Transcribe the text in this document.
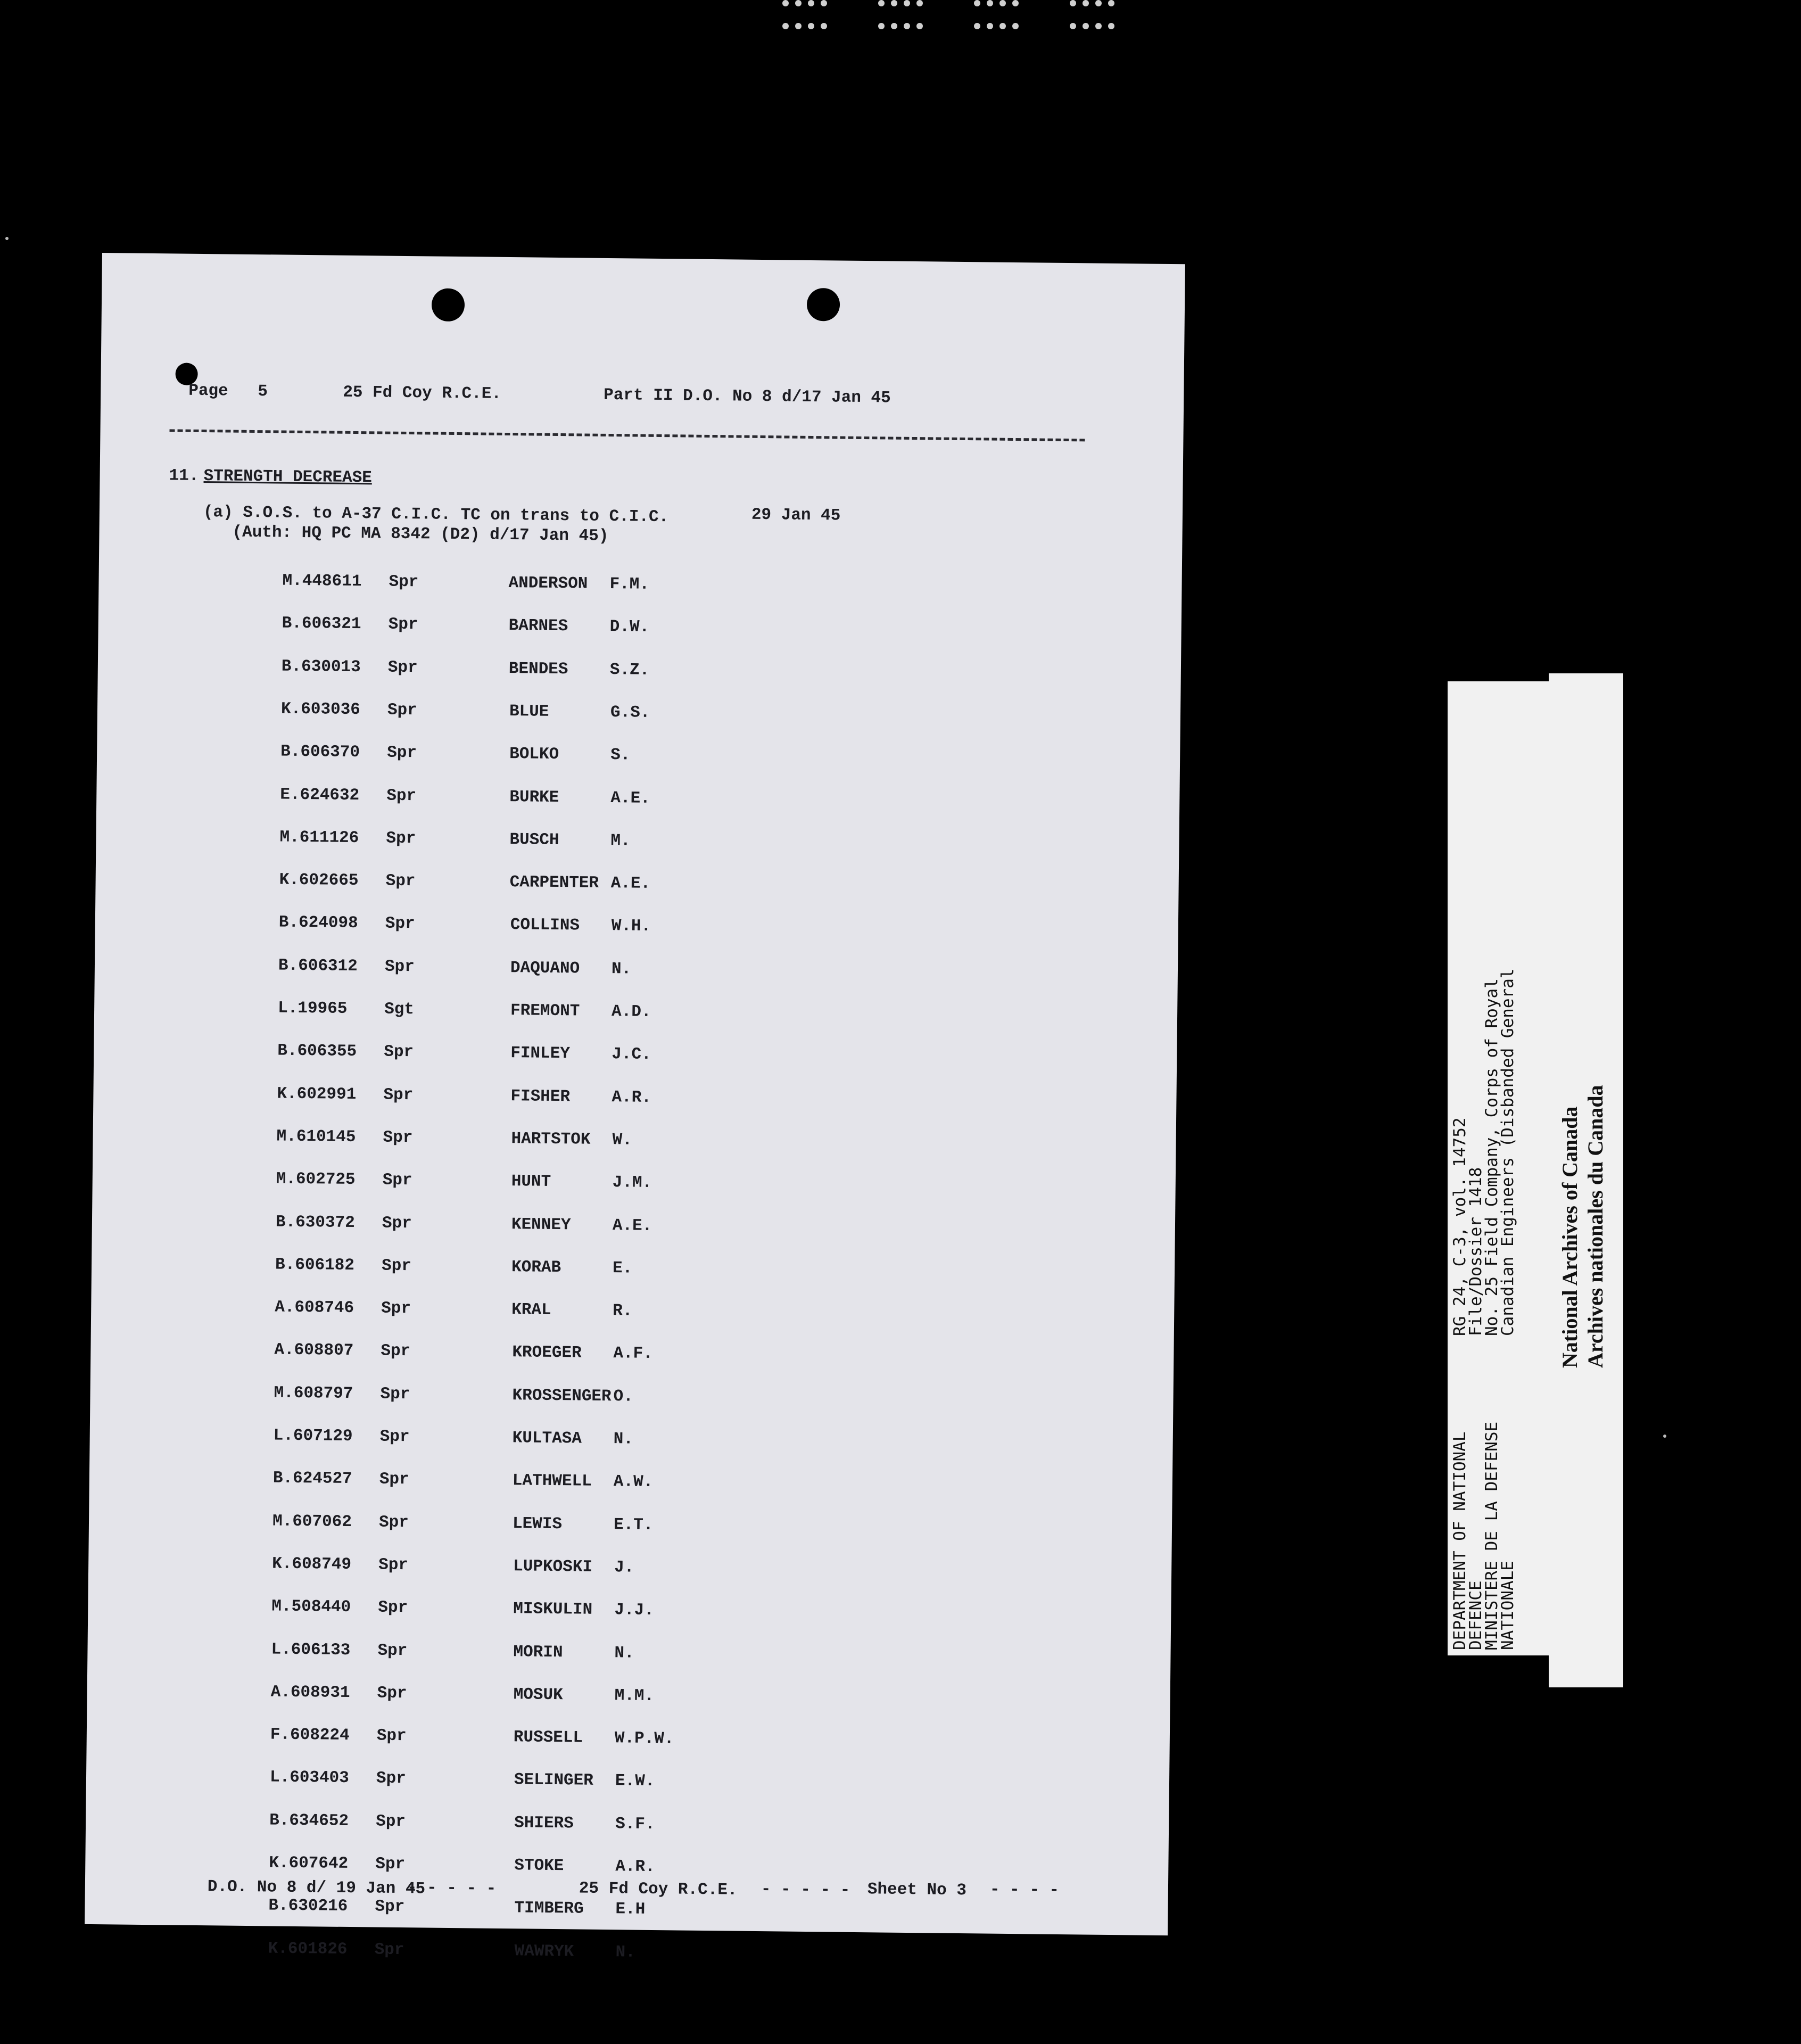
Page 5	25 Fd Coy R.C.E.	Part II D.O. No 8 d/17 Jan 45
11. STRENGTH DECREASE
(a) S.O.S. to A-37 C.I.C. TC on trans to C.I.C.	29 Jan 45
(Auth: HQ PC MA 8342 (D2) d/17 Jan 45)
M.448611 Spr	ANDERSON F.M.
B.606321 Spr	BARNES	D.W.
B.630013 Spr	BENDES	S.Z.
K.603036 Spr	BLUE	G.S.
B.606370 Spr	BOLKO	S.
E.624632 Spr	BURKE	A.E.
M.611126 Spr	BUSCH	M.
K.602665 Spr	CARPENTER A.E.
B.624098 Spr	COLLINS W.H.
B.606312 Spr	DAQUANO N.
L.19965 Sgt	FREMONT A.D.
B.606355 Spr	FINLEY	J.C.
K.602991 Spr	FISHER	A.R.
M.610145 Spr	HARTSTOK W.
M.602725 Spr	HUNT	J.M.
B.630372 Spr	KENNEY	A.E.
B.606182 Spr	KORAB	E.
A.608746 Spr	KRAL	R.
A.608807 Spr	KROEGER A.F.
M.608797 Spr	KROSSENGER O.
L.607129 Spr	KULTASA N.
B.624527 Spr	LATHWELL A.W.
M.607062 Spr	LEWIS	E.T.
K.608749 Spr	LUPKOSKI J.
M.508440 Spr	MISKULIN J.J.
L.606133 Spr	MORIN	N.
A.608931 Spr	MOSUK	M.M.
F.608224 Spr	RUSSELL W.P.W.
L.603403 Spr	SELINGER E.W.
B.634652 Spr	SHIERS	S.F.
K.607642 Spr	STOKE	A.R.
B.630216 Spr	TIMBERG E.H
K.601826 Spr	WAWRYK	N.
D.O. No 8 d/ 19 Jan 45
- - - - -	25 Fd Coy R.C.E. - - - - - Sheet No 3 - - - -
DEPARTMENT OF NATIONAL
DEFENCE
MINISTERE DE LA DEFENSE
NATIONALE
RG 24, C-3, vol. 14752
File/Dossier 1418
No. 25 Field Company, Corps of Royal
Canadian Engineers (Disbanded General National Archives of Canada Archives nationales du Canada
